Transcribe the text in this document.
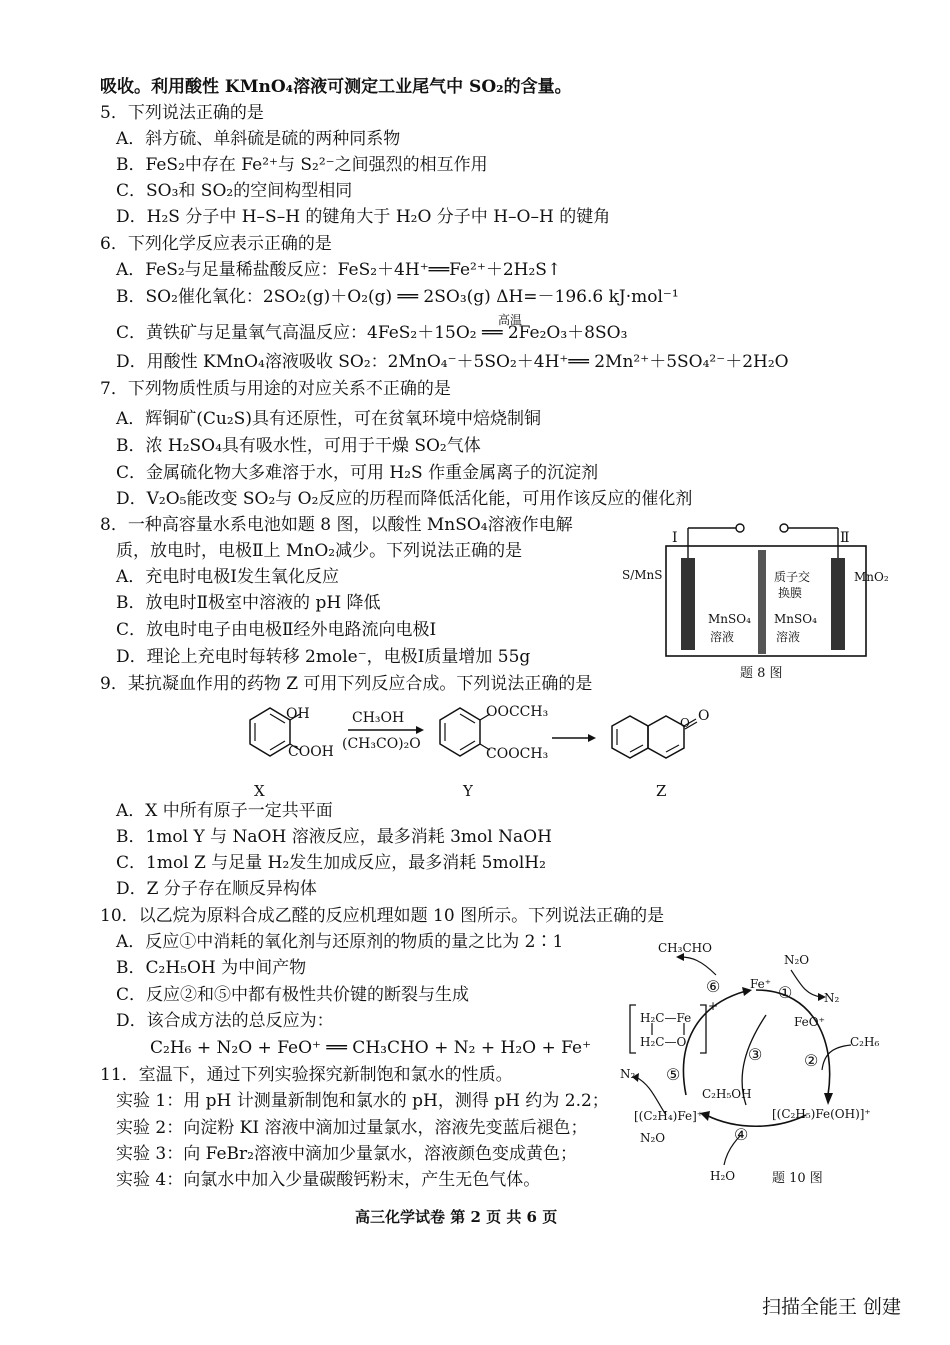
吸收。利用酸性 KMnO₄溶液可测定工业尾气中 SO₂的含量。
5．下列说法正确的是
A．斜方硫、单斜硫是硫的两种同系物
B．FeS₂中存在 Fe²⁺与 S₂²⁻之间强烈的相互作用
C．SO₃和 SO₂的空间构型相同
D．H₂S 分子中 H–S–H 的键角大于 H₂O 分子中 H–O–H 的键角
6．下列化学反应表示正确的是
A．FeS₂与足量稀盐酸反应：FeS₂＋4H⁺══Fe²⁺＋2H₂S↑
B．SO₂催化氧化：2SO₂(g)＋O₂(g) ══ 2SO₃(g) ΔH=－196.6 kJ·mol⁻¹
高温
C．黄铁矿与足量氧气高温反应：4FeS₂＋15O₂ ══ 2Fe₂O₃＋8SO₃
D．用酸性 KMnO₄溶液吸收 SO₂：2MnO₄⁻＋5SO₂＋4H⁺══ 2Mn²⁺＋5SO₄²⁻＋2H₂O
7．下列物质性质与用途的对应关系不正确的是
A．辉铜矿(Cu₂S)具有还原性，可在贫氧环境中焙烧制铜
B．浓 H₂SO₄具有吸水性，可用于干燥 SO₂气体
C．金属硫化物大多难溶于水，可用 H₂S 作重金属离子的沉淀剂
D．V₂O₅能改变 SO₂与 O₂反应的历程而降低活化能，可用作该反应的催化剂
8．一种高容量水系电池如题 8 图，以酸性 MnSO₄溶液作电解
质，放电时，电极Ⅱ上 MnO₂减少。下列说法正确的是
A．充电时电极Ⅰ发生氧化反应
B．放电时Ⅱ极室中溶液的 pH 降低
C．放电时电子由电极Ⅱ经外电路流向电极Ⅰ
D．理论上充电时每转移 2mole⁻，电极Ⅰ质量增加 55g
Ⅰ	Ⅱ
S/MnS	MnO₂
质子交
换膜
MnSO₄
溶液
MnSO₄
溶液
题 8 图
9．某抗凝血作用的药物 Z 可用下列反应合成。下列说法正确的是
OH
COOH
CH₃OH
(CH₃CO)₂O
OOCCH₃
COOCH₃
O
O
X	Y	Z
A．X 中所有原子一定共平面
B．1mol Y 与 NaOH 溶液反应，最多消耗 3mol NaOH
C．1mol Z 与足量 H₂发生加成反应，最多消耗 5molH₂
D．Z 分子存在顺反异构体
10．以乙烷为原料合成乙醛的反应机理如题 10 图所示。下列说法正确的是
A．反应①中消耗的氧化剂与还原剂的物质的量之比为 2∶1
B．C₂H₅OH 为中间产物
C．反应②和⑤中都有极性共价键的断裂与生成
D．该合成方法的总反应为：
C₂H₆ + N₂O + FeO⁺ ══ CH₃CHO + N₂ + H₂O + Fe⁺
CH₃CHO
Fe⁺
N₂O
N₂
FeO⁺
C₂H₆
[(C₂H₅)Fe(OH)]⁺
[(C₂H₄)Fe]⁺
C₂H₅OH
H₂O
N₂
N₂O
H₂C—Fe
H₂C—O
+
①
②
③
④
⑤
⑥
题 10 图
11．室温下，通过下列实验探究新制饱和氯水的性质。
实验 1：用 pH 计测量新制饱和氯水的 pH，测得 pH 约为 2.2；
实验 2：向淀粉 KI 溶液中滴加过量氯水，溶液先变蓝后褪色；
实验 3：向 FeBr₂溶液中滴加少量氯水，溶液颜色变成黄色；
实验 4：向氯水中加入少量碳酸钙粉末，产生无色气体。
高三化学试卷 第 2 页 共 6 页
扫描全能王 创建
